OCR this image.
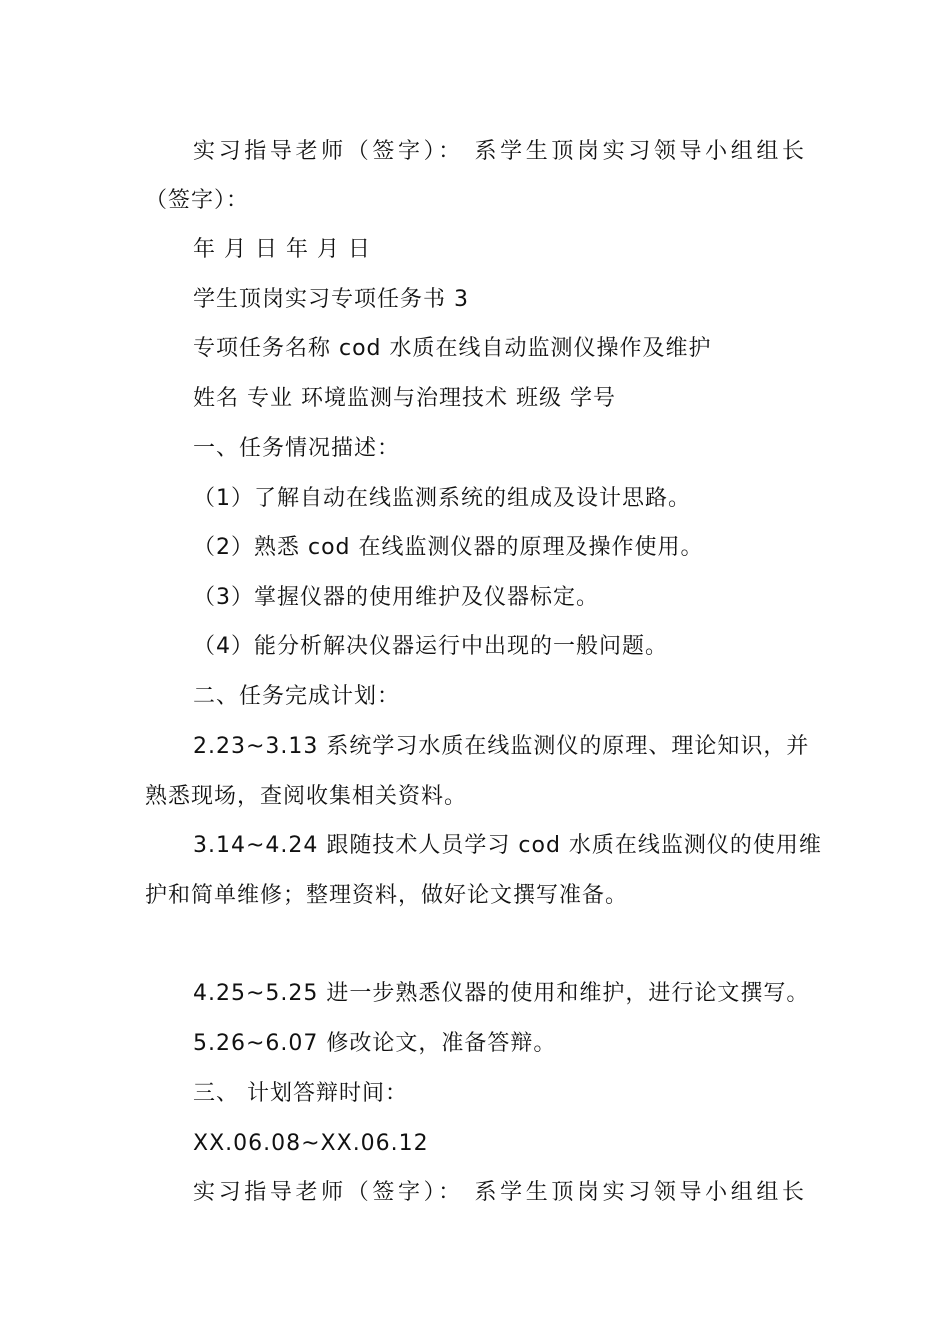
实习指导老师（签字）： 系学生顶岗实习领导小组组长

（签字）：

年 月 日 年 月 日

学生顶岗实习专项任务书 3

专项任务名称 cod 水质在线自动监测仪操作及维护

姓名 专业 环境监测与治理技术 班级 学号

一、任务情况描述：

（1）了解自动在线监测系统的组成及设计思路。

（2）熟悉 cod 在线监测仪器的原理及操作使用。

（3）掌握仪器的使用维护及仪器标定。

（4）能分析解决仪器运行中出现的一般问题。

二、任务完成计划：

2.23~3.13 系统学习水质在线监测仪的原理、理论知识，并

熟悉现场，查阅收集相关资料。

3.14~4.24 跟随技术人员学习 cod 水质在线监测仪的使用维

护和简单维修；整理资料，做好论文撰写准备。

4.25~5.25 进一步熟悉仪器的使用和维护，进行论文撰写。

5.26~6.07 修改论文，准备答辩。

三、 计划答辩时间：

XX.06.08~XX.06.12

实习指导老师（签字）： 系学生顶岗实习领导小组组长
